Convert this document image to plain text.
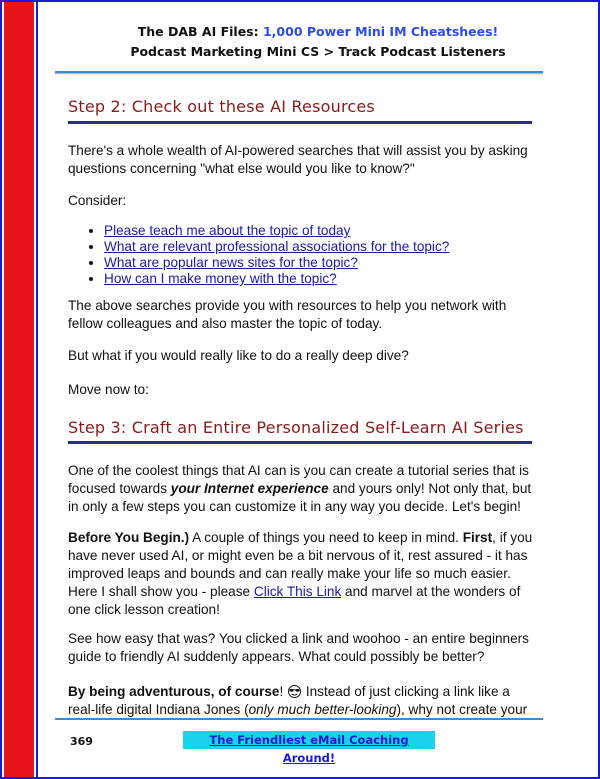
The DAB AI Files: 1,000 Power Mini IM Cheatshees!
Podcast Marketing Mini CS > Track Podcast Listeners
Step 2: Check out these AI Resources
There's a whole wealth of AI-powered searches that will assist you by asking questions concerning "what else would you like to know?"
Consider:
• Please teach me about the topic of today
• What are relevant professional associations for the topic?
• What are popular news sites for the topic?
• How can I make money with the topic?
The above searches provide you with resources to help you network with fellow colleagues and also master the topic of today.
But what if you would really like to do a really deep dive?
Move now to:
Step 3: Craft an Entire Personalized Self-Learn AI Series
One of the coolest things that AI can is you can create a tutorial series that is focused towards your Internet experience and yours only! Not only that, but in only a few steps you can customize it in any way you decide. Let's begin!
Before You Begin.) A couple of things you need to keep in mind. First, if you have never used AI, or might even be a bit nervous of it, rest assured - it has improved leaps and bounds and can really make your life so much easier. Here I shall show you - please Click This Link and marvel at the wonders of one click lesson creation!
See how easy that was? You clicked a link and woohoo - an entire beginners guide to friendly AI suddenly appears. What could possibly be better?
By being adventurous, of course!  Instead of just clicking a link like a real-life digital Indiana Jones (only much better-looking), why not create your
369	The Friendliest eMail Coaching Around!
